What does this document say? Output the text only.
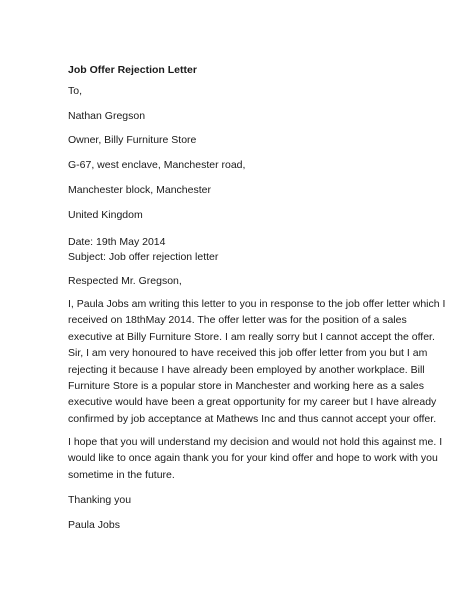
Job Offer Rejection Letter
To,
Nathan Gregson
Owner, Billy Furniture Store
G-67, west enclave, Manchester road,
Manchester block, Manchester
United Kingdom
Date: 19th May 2014
Subject: Job offer rejection letter
Respected Mr. Gregson,
I, Paula Jobs am writing this letter to you in response to the job offer letter which I
received on 18thMay 2014. The offer letter was for the position of a sales
executive at Billy Furniture Store. I am really sorry but I cannot accept the offer.
Sir, I am very honoured to have received this job offer letter from you but I am
rejecting it because I have already been employed by another workplace. Bill
Furniture Store is a popular store in Manchester and working here as a sales
executive would have been a great opportunity for my career but I have already
confirmed by job acceptance at Mathews Inc and thus cannot accept your offer.
I hope that you will understand my decision and would not hold this against me. I
would like to once again thank you for your kind offer and hope to work with you
sometime in the future.
Thanking you
Paula Jobs
